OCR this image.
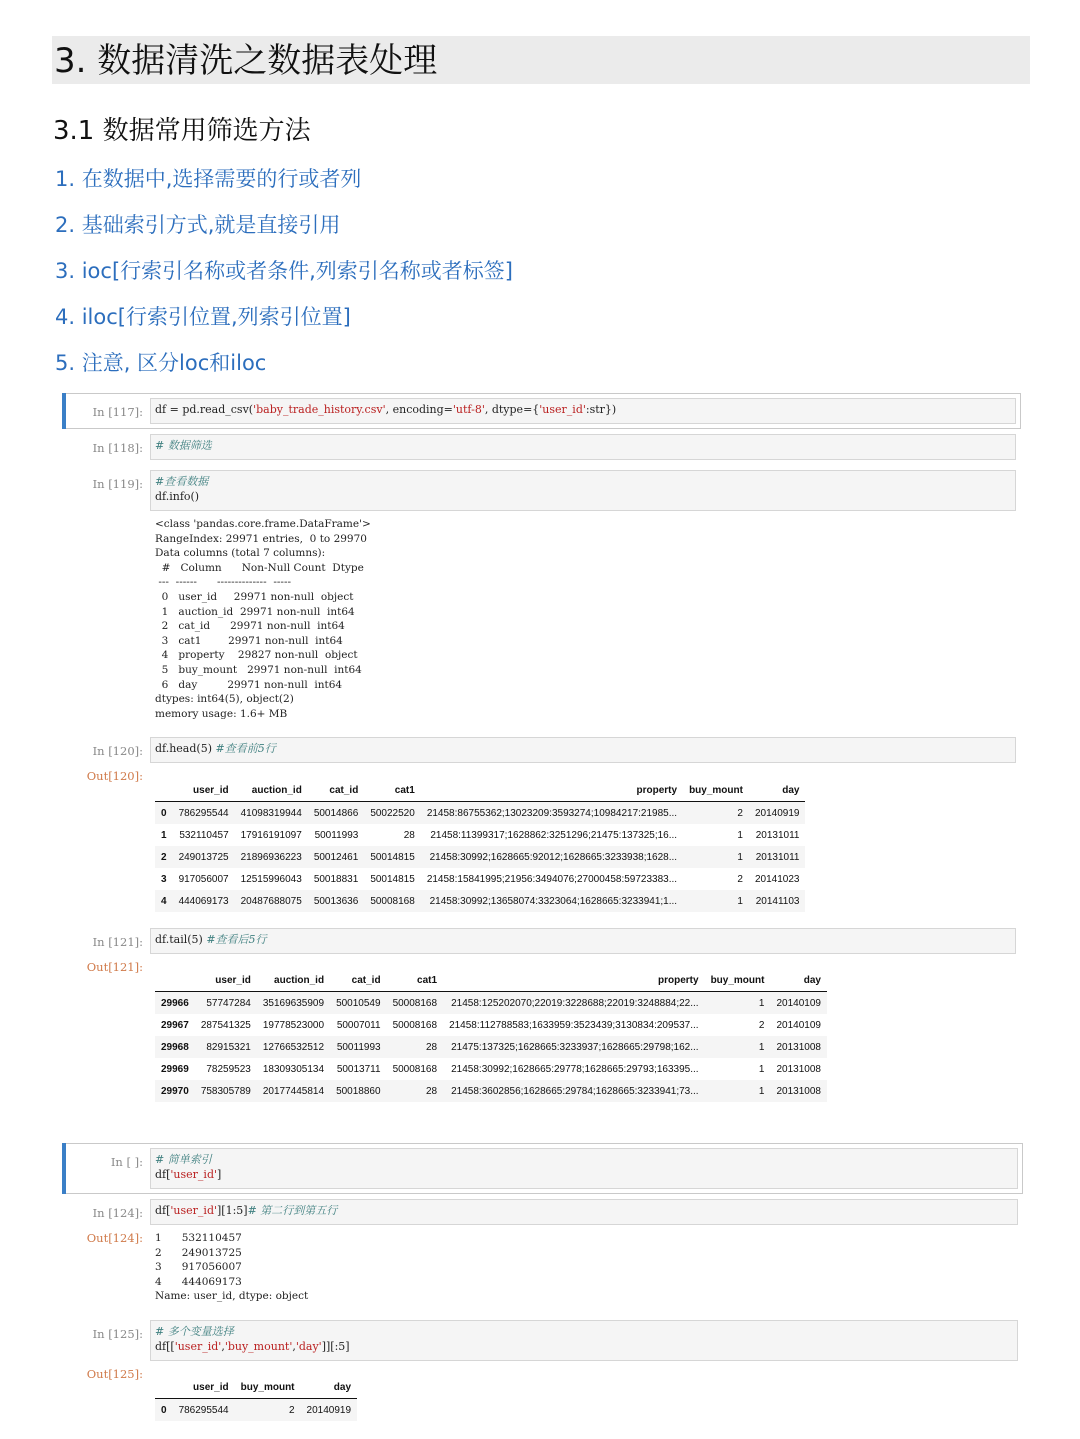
3. 数据清洗之数据表处理
3.1 数据常用筛选方法
1. 在数据中,选择需要的行或者列
2. 基础索引方式,就是直接引用
3. ioc[行索引名称或者条件,列索引名称或者标签]
4. iloc[行索引位置,列索引位置]
5. 注意, 区分loc和iloc
In [117]:	df = pd.read_csv('baby_trade_history.csv', encoding='utf-8', dtype={'user_id':str})
In [118]:	# 数据筛选
In [119]: #查看数据
df.info()
<class 'pandas.core.frame.DataFrame'>
RangeIndex: 29971 entries,  0 to 29970
Data columns (total 7 columns):
#   Column      Non-Null Count  Dtype
---  ------      --------------  -----
0   user_id     29971 non-null  object
1   auction_id  29971 non-null  int64
2   cat_id      29971 non-null  int64
3   cat1        29971 non-null  int64
4   property    29827 non-null  object
5   buy_mount   29971 non-null  int64
6   day         29971 non-null  int64
dtypes: int64(5), object(2)
memory usage: 1.6+ MB
In [120]:
Out[120]:
df.head(5) #查看前5行
	user_id	auction_id	cat_id	cat1	property	buy_mount	day
0	786295544	41098319944	50014866	50022520	21458:86755362;13023209:3593274;10984217:21985...	2	20140919
1	532110457	17916191097	50011993	28	21458:11399317;1628862:3251296;21475:137325;16...	1	20131011
2	249013725	21896936223	50012461	50014815	21458:30992;1628665:92012;1628665:3233938;1628...	1	20131011
3	917056007	12515996043	50018831	50014815	21458:15841995;21956:3494076;27000458:59723383...	2	20141023
4	444069173	20487688075	50013636	50008168	21458:30992;13658074:3323064;1628665:3233941;1...	1	20141103
In [121]:
Out[121]:
df.tail(5) #查看后5行
	user_id	auction_id	cat_id	cat1	property	buy_mount	day
29966	57747284	35169635909	50010549	50008168	21458:125202070;22019:3228688;22019:3248884;22...	1	20140109
29967	287541325	19778523000	50007011	50008168	21458:112788583;1633959:3523439;3130834:209537...	2	20140109
29968	82915321	12766532512	50011993	28	21475:137325;1628665:3233937;1628665:29798;162...	1	20131008
29969	78259523	18309305134	50013711	50008168	21458:30992;1628665:29778;1628665:29793;163395...	1	20131008
29970	758305789	20177445814	50018860	28	21458:3602856;1628665:29784;1628665:3233941;73...	1	20131008
In [ ]: # 简单索引
df['user_id']
In [124]:
Out[124]:
df['user_id'][1:5]# 第二行到第五行
1      532110457
2      249013725
3      917056007
4      444069173
Name: user_id, dtype: object
In [125]:
Out[125]:
# 多个变量选择
df[['user_id','buy_mount','day']][:5]
	user_id	buy_mount	day
0	786295544	2	20140919
